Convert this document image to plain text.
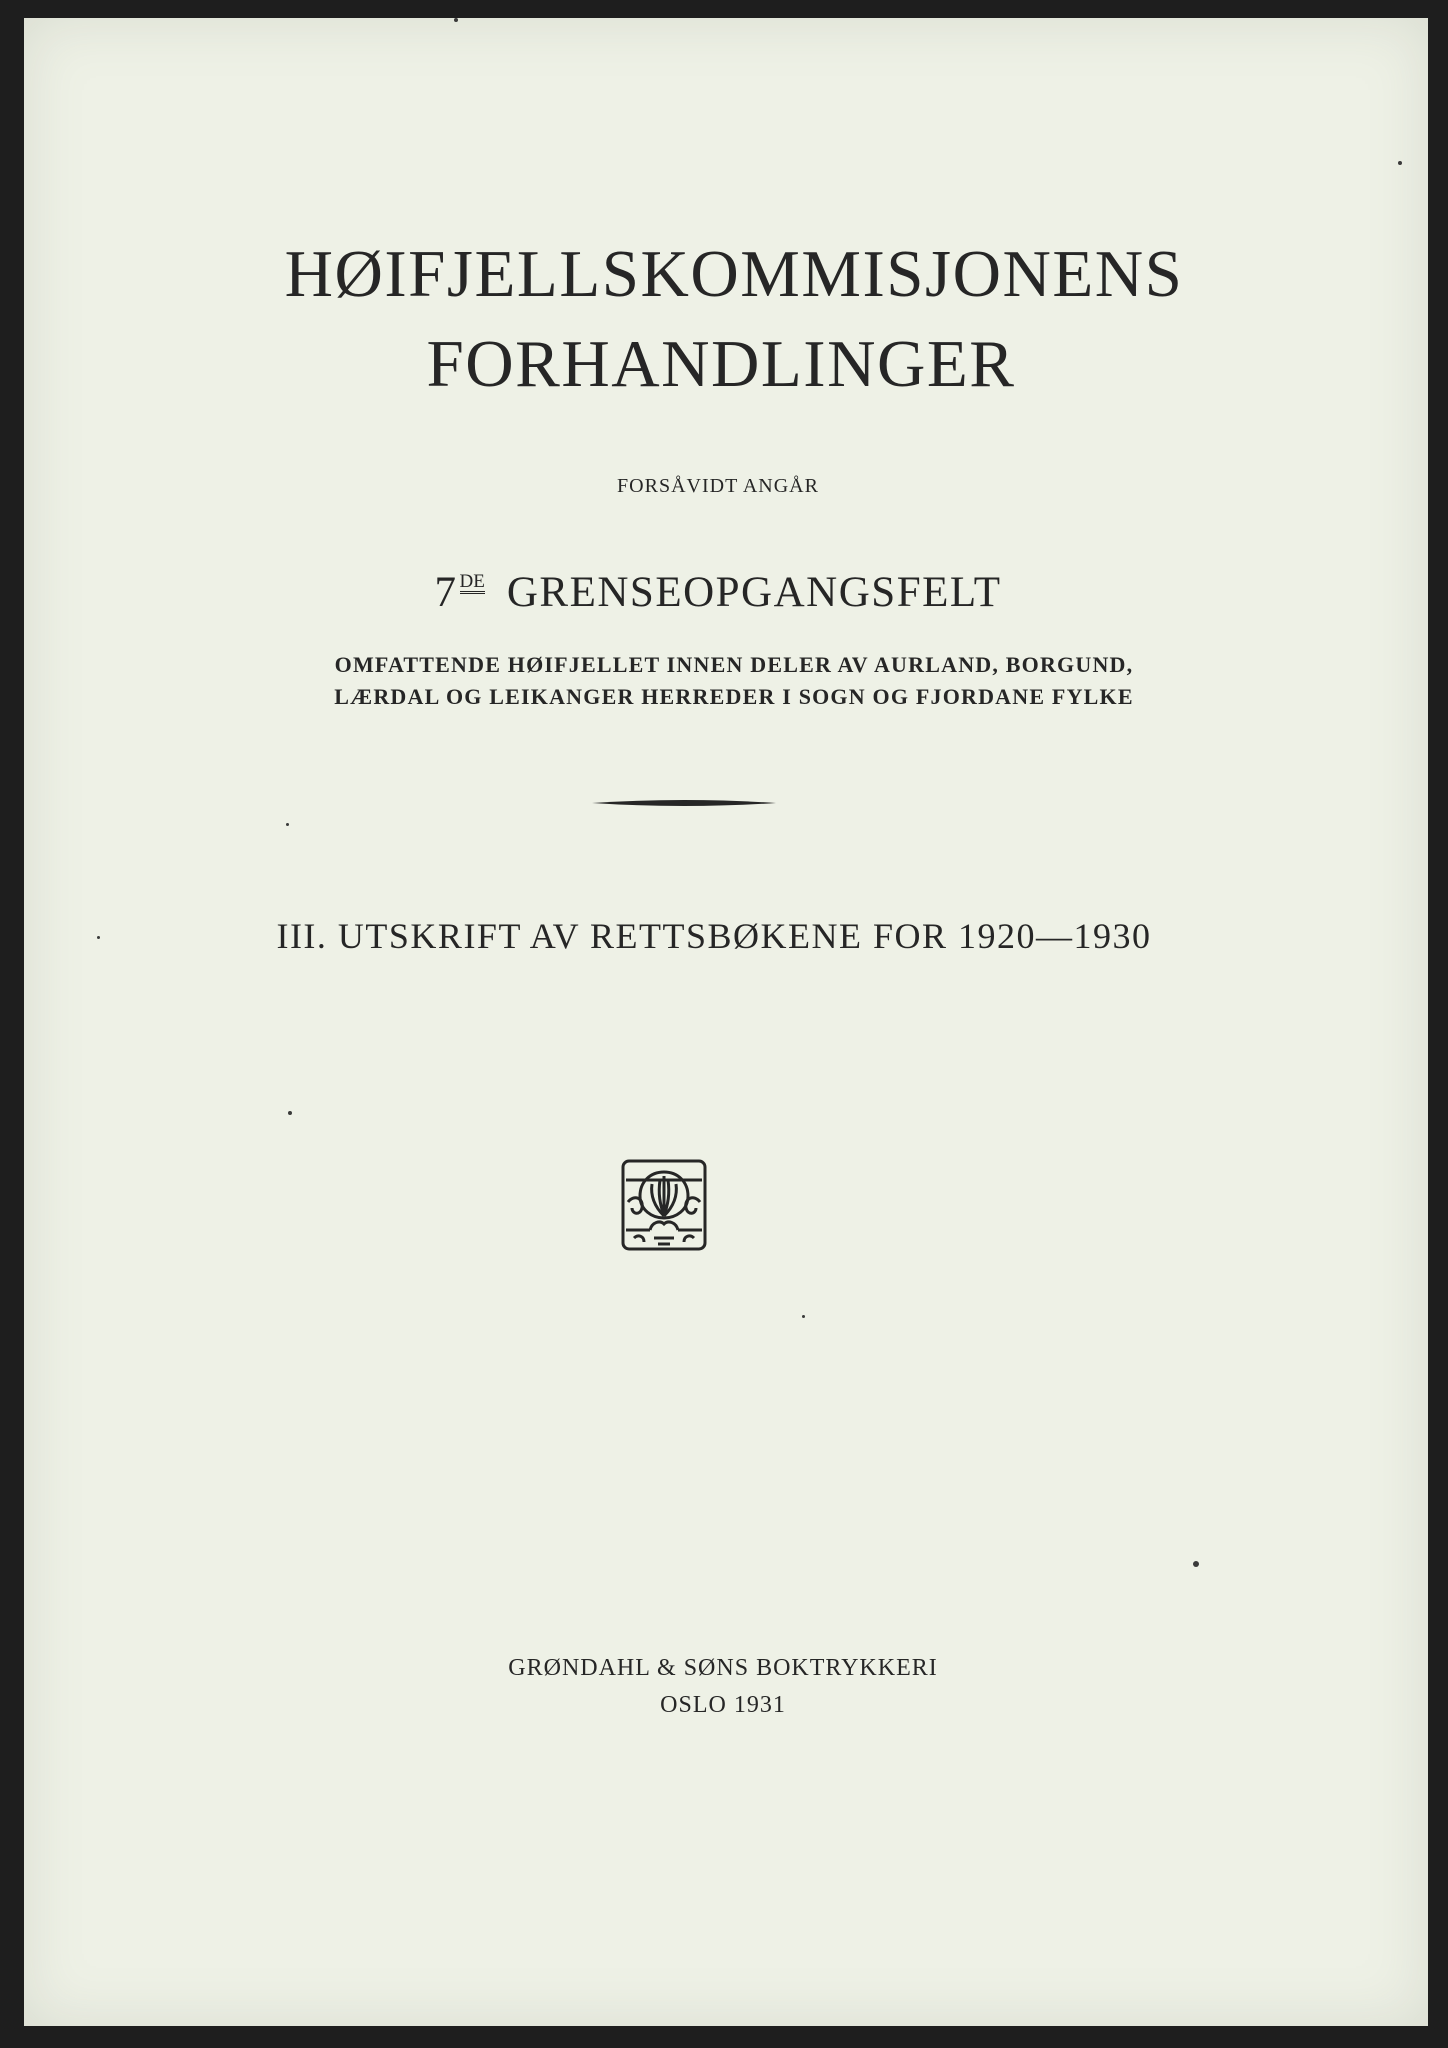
HØIFJELLSKOMMISJONENS
FORHANDLINGER

FORSÅVIDT ANGÅR

7 DE GRENSEOPGANGSFELT

OMFATTENDE HØIFJELLET INNEN DELER AV AURLAND, BORGUND,

LÆRDAL OG LEIKANGER HERREDER I SOGN OG FJORDANE FYLKE

III. UTSKRIFT AV RETTSBØKENE FOR 1920—1930

GRØNDAHL & SØNS BOKTRYKKERI

OSLO 1931
